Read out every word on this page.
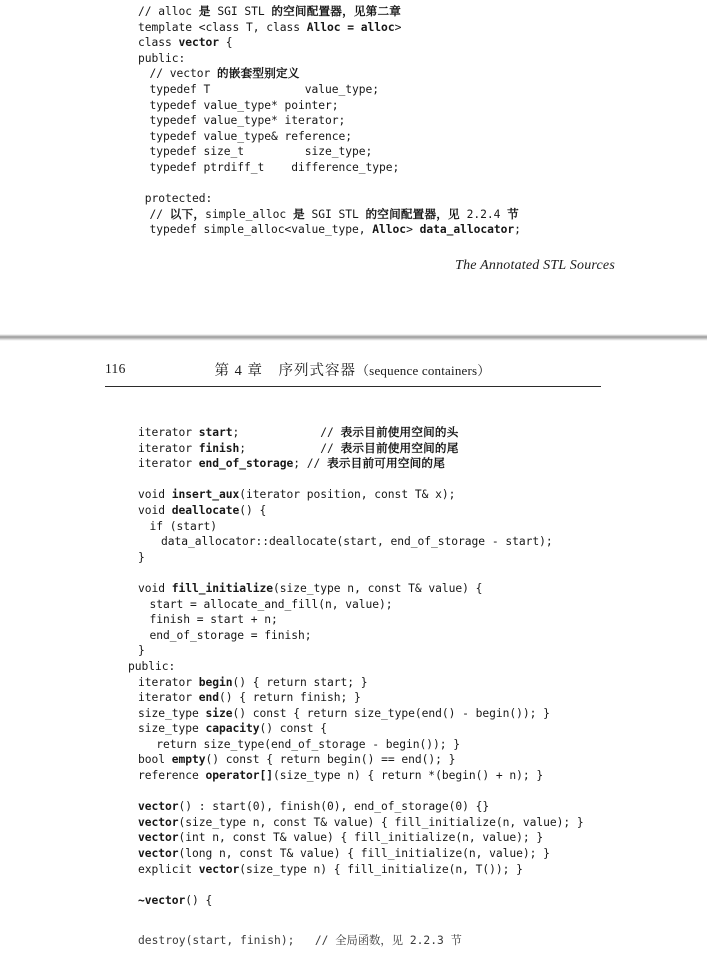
// alloc 是 SGI STL 的空间配置器，见第二章
template <class T, class Alloc = alloc>
class vector {
public:
// vector 的嵌套型别定义
typedef T              value_type;
typedef value_type* pointer;
typedef value_type* iterator;
typedef value_type& reference;
typedef size_t         size_type;
typedef ptrdiff_t    difference_type;

protected:
// 以下，simple_alloc 是 SGI STL 的空间配置器，见 2.2.4 节
typedef simple_alloc<value_type, Alloc> data_allocator;
The Annotated STL Sources
116	第 4 章　序列式容器（sequence containers）
iterator start;            // 表示目前使用空间的头
iterator finish;           // 表示目前使用空间的尾
iterator end_of_storage; // 表示目前可用空间的尾

void insert_aux(iterator position, const T& x);
void deallocate() {
if (start)
data_allocator::deallocate(start, end_of_storage - start);
}

void fill_initialize(size_type n, const T& value) {
start = allocate_and_fill(n, value);
finish = start + n;
end_of_storage = finish;
}
public:
iterator begin() { return start; }
iterator end() { return finish; }
size_type size() const { return size_type(end() - begin()); }
size_type capacity() const {
return size_type(end_of_storage - begin()); }
bool empty() const { return begin() == end(); }
reference operator[](size_type n) { return *(begin() + n); }

vector() : start(0), finish(0), end_of_storage(0) {}
vector(size_type n, const T& value) { fill_initialize(n, value); }
vector(int n, const T& value) { fill_initialize(n, value); }
vector(long n, const T& value) { fill_initialize(n, value); }
explicit vector(size_type n) { fill_initialize(n, T()); }

~vector() {

destroy(start, finish);   // 全局函数，见 2.2.3 节
